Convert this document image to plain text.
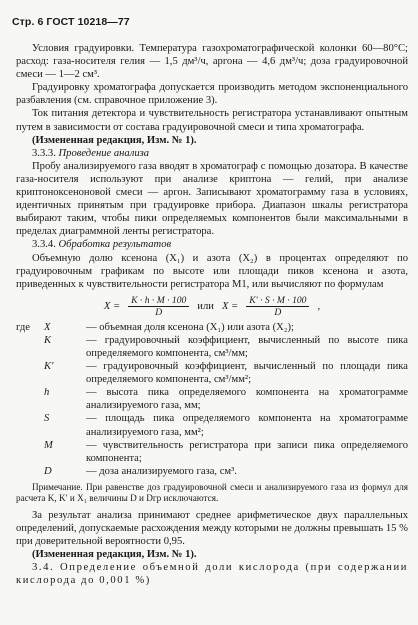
Стр. 6 ГОСТ 10218—77

Условия градуировки. Температура газохроматографической колонки 60—80°С; расход: газа-носителя гелия — 1,5 дм³/ч, аргона — 4,6 дм³/ч; доза градуировочной смеси — 1—2 см³.

Градуировку хроматографа допускается производить методом экспоненциального разбавления (см. справочное приложение 3).

Ток питания детектора и чувствительность регистратора устанавливают опытным путем в зависимости от состава градуировочной смеси и типа хроматографа.

(Измененная редакция, Изм. № 1).

3.3.3. Проведение анализа

Пробу анализируемого газа вводят в хроматограф с помощью дозатора. В качестве газа-носителя используют при анализе криптона — гелий, при анализе криптоноксеноновой смеси — аргон. Записывают хроматограмму газа в условиях, идентичных принятым при градуировке прибора. Диапазон шкалы регистратора выбирают таким, чтобы пики определяемых компонентов были максимальными в пределах диаграммной ленты регистратора.

3.3.4. Обработка результатов

Объемную долю ксенона (X₁) и азота (X₂) в процентах определяют по градуировочным графикам по высоте или площади пиков ксенона и азота, приведенных к чувствительности регистратора М1, или вычисляют по формулам

$X = \frac{K \cdot h \cdot M \cdot 100}{D}$ или $X = \frac{K' \cdot S \cdot M \cdot 100}{D}$ ,
где	X	— объемная доля ксенона (X₁) или азота (X₂);
K	— градуировочный коэффициент, вычисленный по высоте пика определяемого компонента, см³/мм;
K′	— градуировочный коэффициент, вычисленный по площади пика определяемого компонента, см³/мм²;
h	— высота пика определяемого компонента на хроматограмме анализируемого газа, мм;
S	— площадь пика определяемого компонента на хроматограмме анализируемого газа, мм²;
M	— чувствительность регистратора при записи пика определяемого компонента;
D	— доза анализируемого газа, см³.

Примечание. При равенстве доз градуировочной смеси и анализируемого газа из формул для расчета K, K′ и X₁ величины D и Dгр исключаются.

За результат анализа принимают среднее арифметическое двух параллельных определений, допускаемые расхождения между которыми не должны превышать 15 % при доверительной вероятности 0,95.

(Измененная редакция, Изм. № 1).

3.4. Определение объемной доли кислорода (при содержании кислорода до 0,001 %)
